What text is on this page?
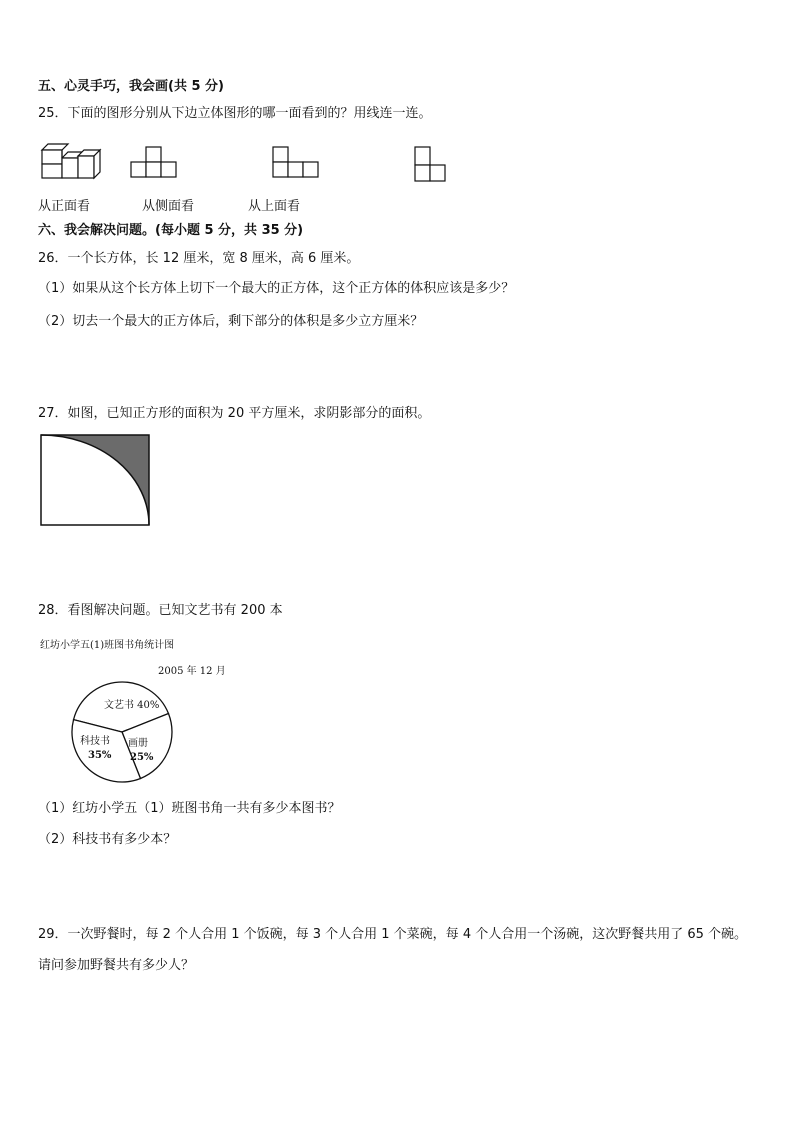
五、心灵手巧，我会画(共 5 分)
25．下面的图形分别从下边立体图形的哪一面看到的？用线连一连。
从正面看	从侧面看	从上面看
六、我会解决问题。(每小题 5 分，共 35 分)
26．一个长方体，长 12 厘米，宽 8 厘米，高 6 厘米。
（1）如果从这个长方体上切下一个最大的正方体，这个正方体的体积应该是多少？
（2）切去一个最大的正方体后，剩下部分的体积是多少立方厘米？
27．如图，已知正方形的面积为 20 平方厘米，求阴影部分的面积。
28．看图解决问题。已知文艺书有 200 本
红坊小学五(1)班图书角统计图
2005 年 12 月
文艺书 40%
画册
25%
科技书
35%
（1）红坊小学五（1）班图书角一共有多少本图书？
（2）科技书有多少本？
29．一次野餐时，每 2 个人合用 1 个饭碗，每 3 个人合用 1 个菜碗，每 4 个人合用一个汤碗，这次野餐共用了 65 个碗。
请问参加野餐共有多少人？
